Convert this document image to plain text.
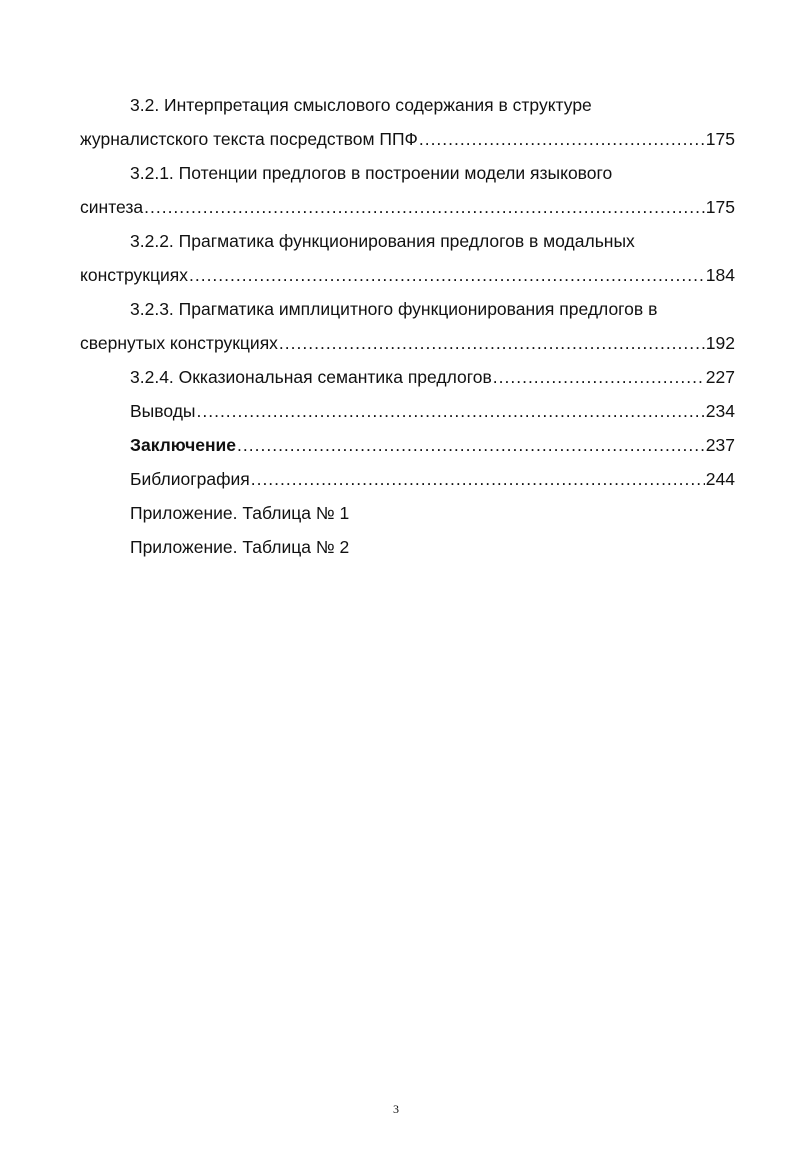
3.2. Интерпретация смыслового содержания в структуре
журналистского текста посредством ППФ .....	175
3.2.1. Потенции предлогов в построении модели языкового
синтеза .....	175
3.2.2. Прагматика функционирования предлогов в модальных
конструкциях .....	184
3.2.3. Прагматика имплицитного функционирования предлогов в
свернутых конструкциях .....	192
3.2.4. Окказиональная семантика предлогов .....	227
Выводы .....	234
Заключение .....	237
Библиография .....	244
Приложение. Таблица № 1
Приложение. Таблица № 2
3
